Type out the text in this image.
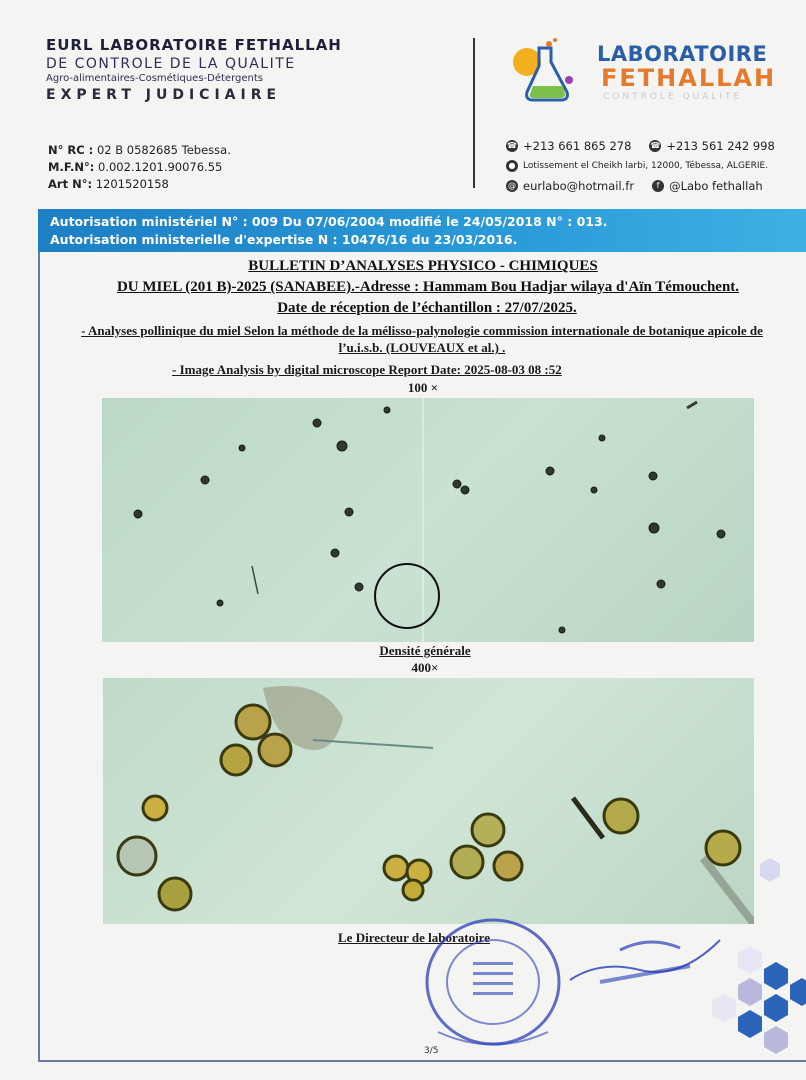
EURL LABORATOIRE FETHALLAH
DE CONTROLE DE LA QUALITE
Agro-alimentaires-Cosmétiques-Détergents
EXPERT JUDICIAIRE
N° RC : 02 B 0582685 Tebessa.
M.F.N°: 0.002.1201.90076.55
Art N°: 1201520158
LABORATOIRE
FETHALLAH
CONTROLE QUALITE
☎ +213 661 865 278 ☎ +213 561 242 998
● Lotissement el Cheikh larbi, 12000, Tébessa, ALGERIE.
@ eurlabo@hotmail.fr	f @Labo fethallah
Autorisation ministériel N° : 009 Du 07/06/2004 modifié le 24/05/2018 N° : 013.
Autorisation ministerielle d'expertise N : 10476/16 du 23/03/2016.
BULLETIN D’ANALYSES PHYSICO - CHIMIQUES
DU MIEL (201 B)-2025 (SANABEE).-Adresse : Hammam Bou Hadjar wilaya d'Aïn Témouchent.
Date de réception de l’échantillon : 27/07/2025.
- Analyses pollinique du miel Selon la méthode de la mélisso-palynologie commission internationale de botanique apicole de l’u.i.s.b. (LOUVEAUX et al.) .
- Image Analysis by digital microscope Report Date: 2025-08-03 08 :52
100 ×
Densité générale
400×
Le Directeur de laboratoire
3/5
